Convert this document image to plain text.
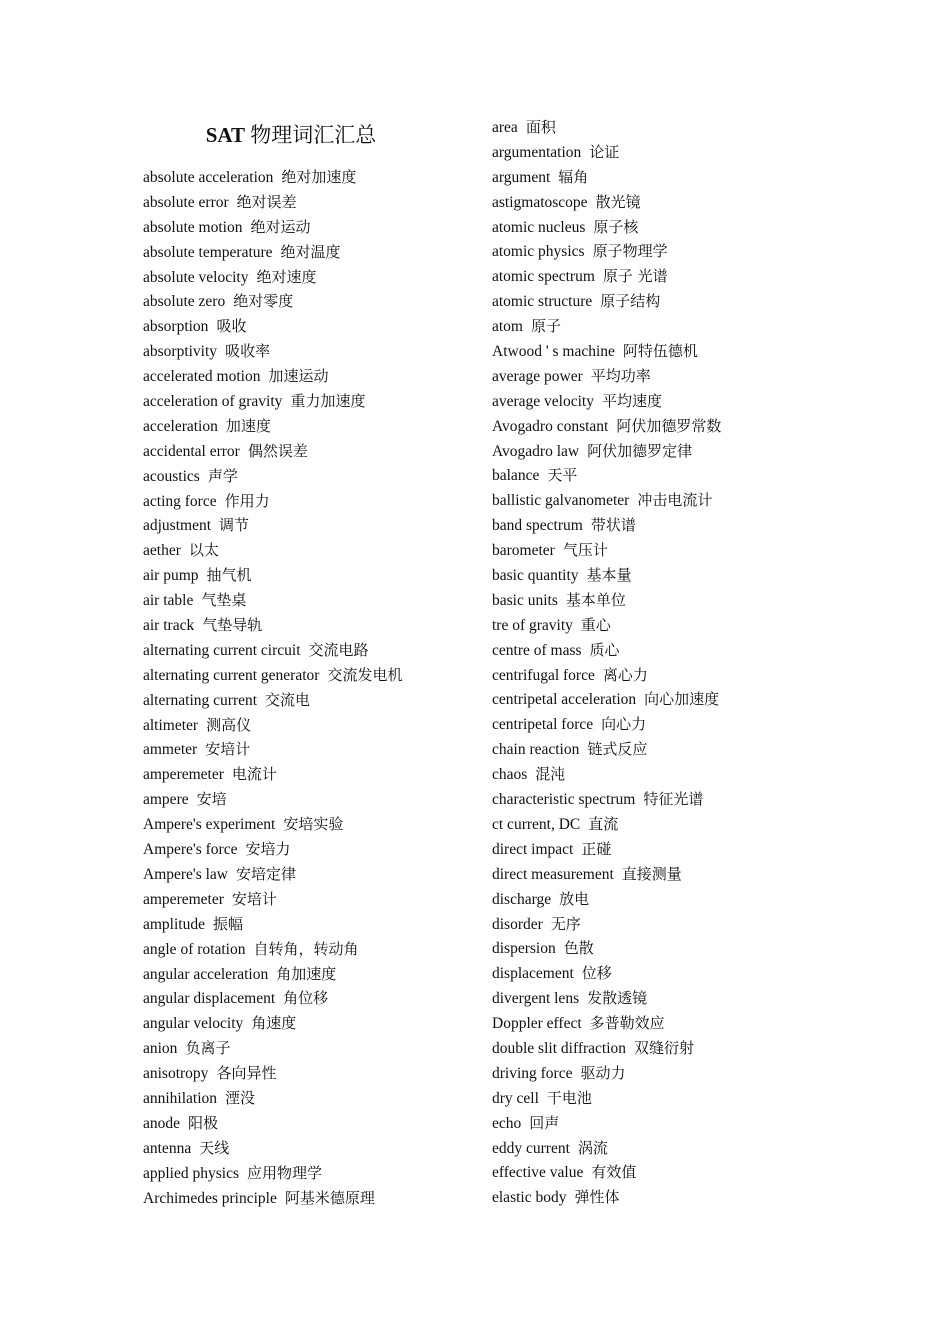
SAT 物理词汇汇总
absolute acceleration 绝对加速度
absolute error 绝对误差
absolute motion 绝对运动
absolute temperature 绝对温度
absolute velocity 绝对速度
absolute zero 绝对零度
absorption 吸收
absorptivity 吸收率
accelerated motion 加速运动
acceleration of gravity 重力加速度
acceleration 加速度
accidental error 偶然误差
acoustics 声学
acting force 作用力
adjustment 调节
aether 以太
air pump 抽气机
air table 气垫桌
air track 气垫导轨
alternating current circuit 交流电路
alternating current generator 交流发电机
alternating current 交流电
altimeter 测高仪
ammeter 安培计
amperemeter 电流计
ampere 安培
Ampere's experiment 安培实验
Ampere's force 安培力
Ampere's law 安培定律
amperemeter 安培计
amplitude 振幅
angle of rotation 自转角，转动角
angular acceleration 角加速度
angular displacement 角位移
angular velocity 角速度
anion 负离子
anisotropy 各向异性
annihilation 湮没
anode 阳极
antenna 天线
applied physics 应用物理学
Archimedes principle 阿基米德原理
area 面积
argumentation 论证
argument 辐角
astigmatoscope 散光镜
atomic nucleus 原子核
atomic physics 原子物理学
atomic spectrum 原子 光谱
atomic structure 原子结构
atom 原子
Atwood ' s machine 阿特伍德机
average power 平均功率
average velocity 平均速度
Avogadro constant 阿伏加德罗常数
Avogadro law 阿伏加德罗定律
balance 天平
ballistic galvanometer 冲击电流计
band spectrum 带状谱
barometer 气压计
basic quantity 基本量
basic units 基本单位
tre of gravity 重心
centre of mass 质心
centrifugal force 离心力
centripetal acceleration 向心加速度
centripetal force 向心力
chain reaction 链式反应
chaos 混沌
characteristic spectrum 特征光谱
ct current, DC 直流
direct impact 正碰
direct measurement 直接测量
discharge 放电
disorder 无序
dispersion 色散
displacement 位移
divergent lens 发散透镜
Doppler effect 多普勒效应
double slit diffraction 双缝衍射
driving force 驱动力
dry cell 干电池
echo 回声
eddy current 涡流
effective value 有效值
elastic body 弹性体
